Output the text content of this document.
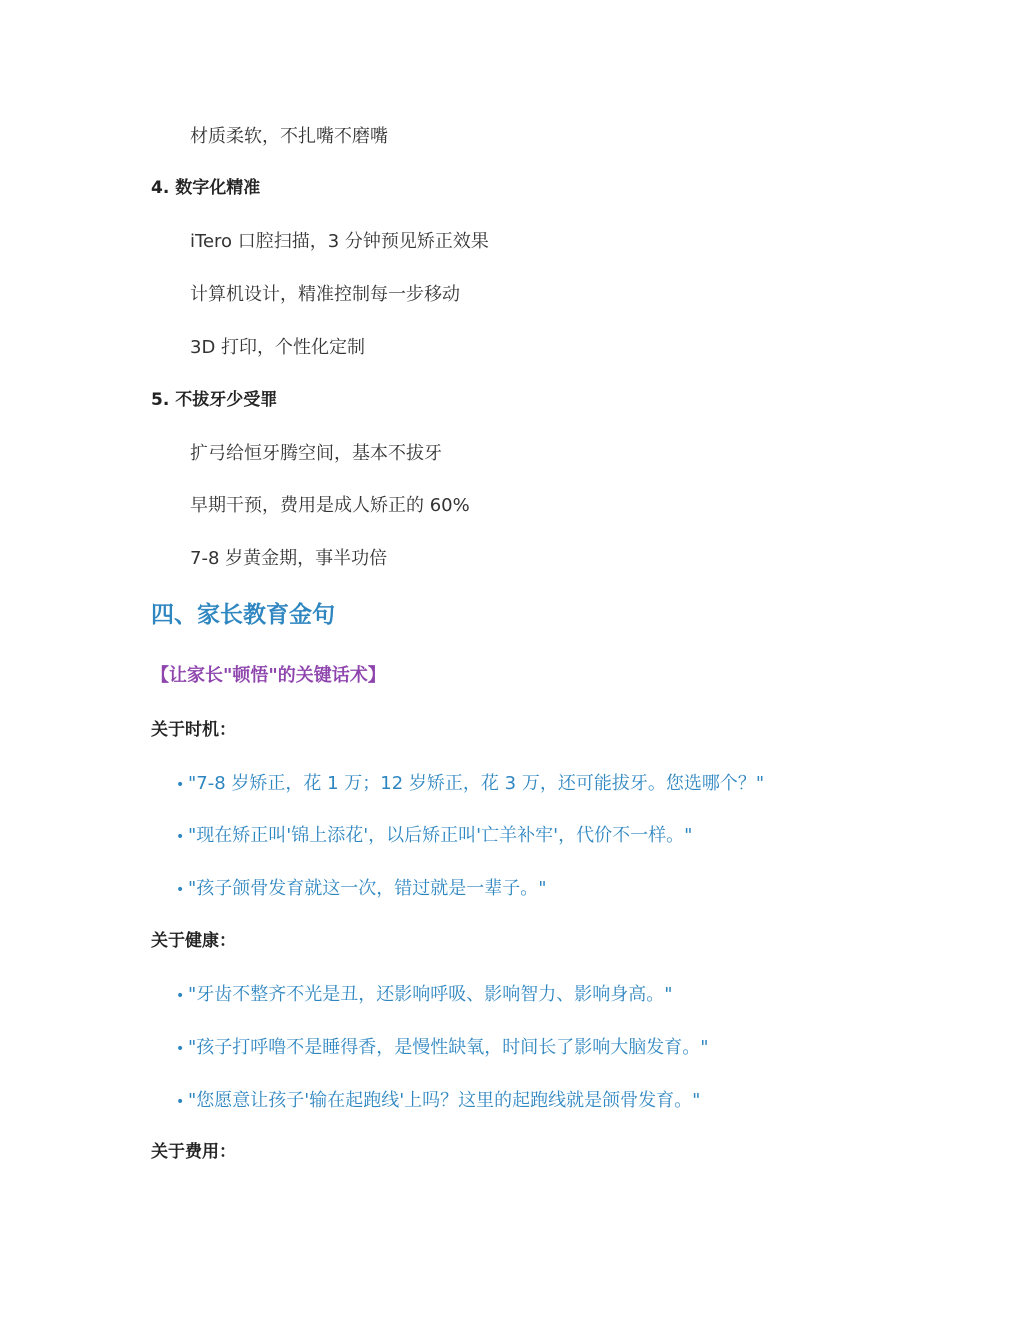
材质柔软，不扎嘴不磨嘴
4. 数字化精准
iTero 口腔扫描，3 分钟预见矫正效果
计算机设计，精准控制每一步移动
3D 打印，个性化定制
5. 不拔牙少受罪
扩弓给恒牙腾空间，基本不拔牙
早期干预，费用是成人矫正的 60%
7-8 岁黄金期，事半功倍
四、家长教育金句
【让家长"顿悟"的关键话术】
关于时机：
• "7-8 岁矫正，花 1 万；12 岁矫正，花 3 万，还可能拔牙。您选哪个？"
• "现在矫正叫'锦上添花'，以后矫正叫'亡羊补牢'，代价不一样。"
• "孩子颌骨发育就这一次，错过就是一辈子。"
关于健康：
• "牙齿不整齐不光是丑，还影响呼吸、影响智力、影响身高。"
• "孩子打呼噜不是睡得香，是慢性缺氧，时间长了影响大脑发育。"
• "您愿意让孩子'输在起跑线'上吗？这里的起跑线就是颌骨发育。"
关于费用：
